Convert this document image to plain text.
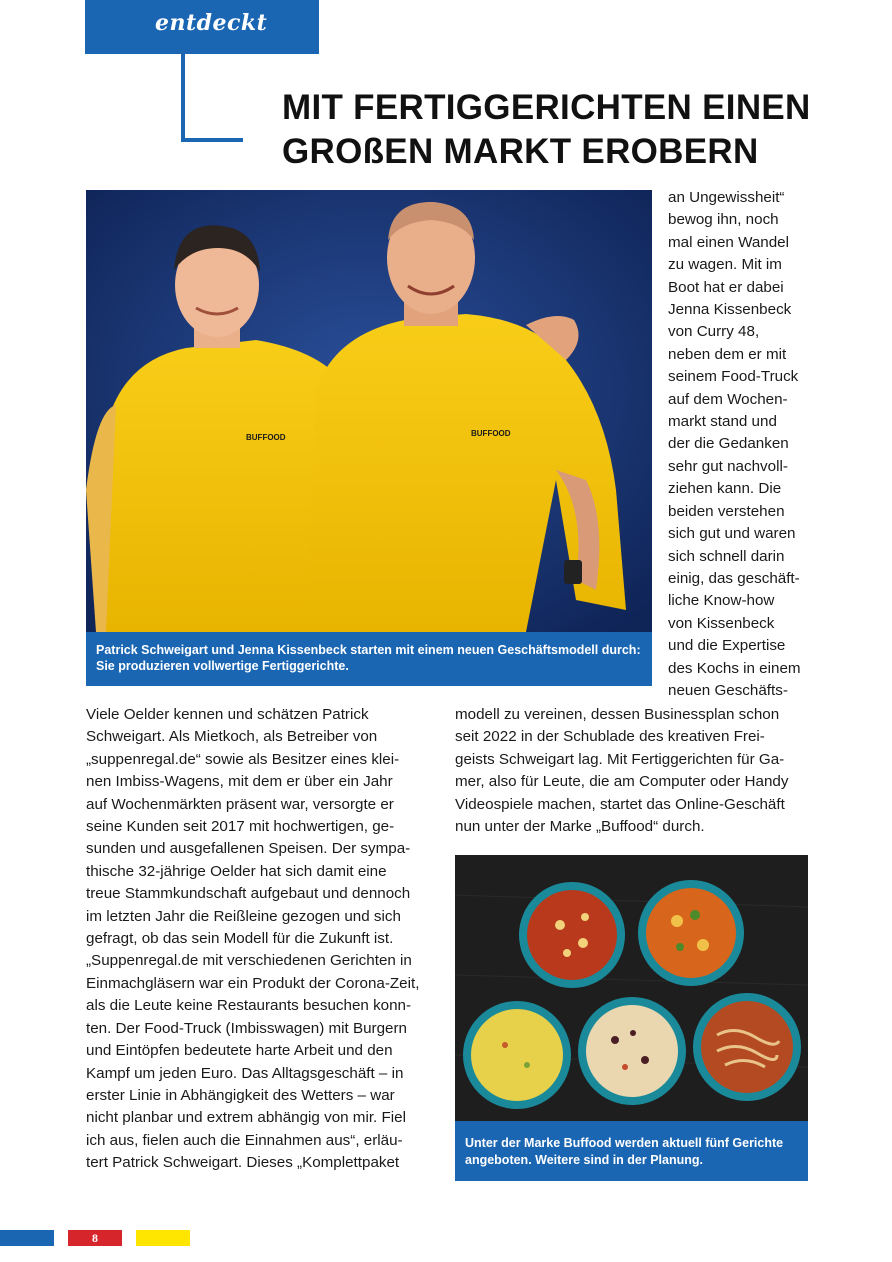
entdeckt
MIT FERTIGGERICHTEN EINEN
GROßEN MARKT EROBERN
BUFFOOD	BUFFOOD
Patrick Schweigart und Jenna Kissenbeck starten mit einem neuen Geschäftsmodell durch:
Sie produzieren vollwertige Fertiggerichte.
an Ungewissheit“
bewog ihn, noch
mal einen Wandel
zu wagen. Mit im
Boot hat er dabei
Jenna Kissenbeck
von Curry 48,
neben dem er mit
seinem Food-Truck
auf dem Wochen-
markt stand und
der die Gedanken
sehr gut nachvoll-
ziehen kann. Die
beiden verstehen
sich gut und waren
sich schnell darin
einig, das geschäft-
liche Know-how
von Kissenbeck
und die Expertise
des Kochs in einem
neuen Geschäfts-
Viele Oelder kennen und schätzen Patrick
Schweigart. Als Mietkoch, als Betreiber von
„suppenregal.de“ sowie als Besitzer eines klei-
nen Imbiss-Wagens, mit dem er über ein Jahr
auf Wochenmärkten präsent war, versorgte er
seine Kunden seit 2017 mit hochwertigen, ge-
sunden und ausgefallenen Speisen. Der sympa-
thische 32-jährige Oelder hat sich damit eine
treue Stammkundschaft aufgebaut und dennoch
im letzten Jahr die Reißleine gezogen und sich
gefragt, ob das sein Modell für die Zukunft ist.
„Suppenregal.de mit verschiedenen Gerichten in
Einmachgläsern war ein Produkt der Corona-Zeit,
als die Leute keine Restaurants besuchen konn-
ten. Der Food-Truck (Imbisswagen) mit Burgern
und Eintöpfen bedeutete harte Arbeit und den
Kampf um jeden Euro. Das Alltagsgeschäft – in
erster Linie in Abhängigkeit des Wetters – war
nicht planbar und extrem abhängig von mir. Fiel
ich aus, fielen auch die Einnahmen aus“, erläu-
tert Patrick Schweigart. Dieses „Komplettpaket
modell zu vereinen, dessen Businessplan schon
seit 2022 in der Schublade des kreativen Frei-
geists Schweigart lag. Mit Fertiggerichten für Ga-
mer, also für Leute, die am Computer oder Handy
Videospiele machen, startet das Online-Geschäft
nun unter der Marke „Buffood“ durch.
Unter der Marke Buffood werden aktuell fünf Gerichte
angeboten. Weitere sind in der Planung.
8
